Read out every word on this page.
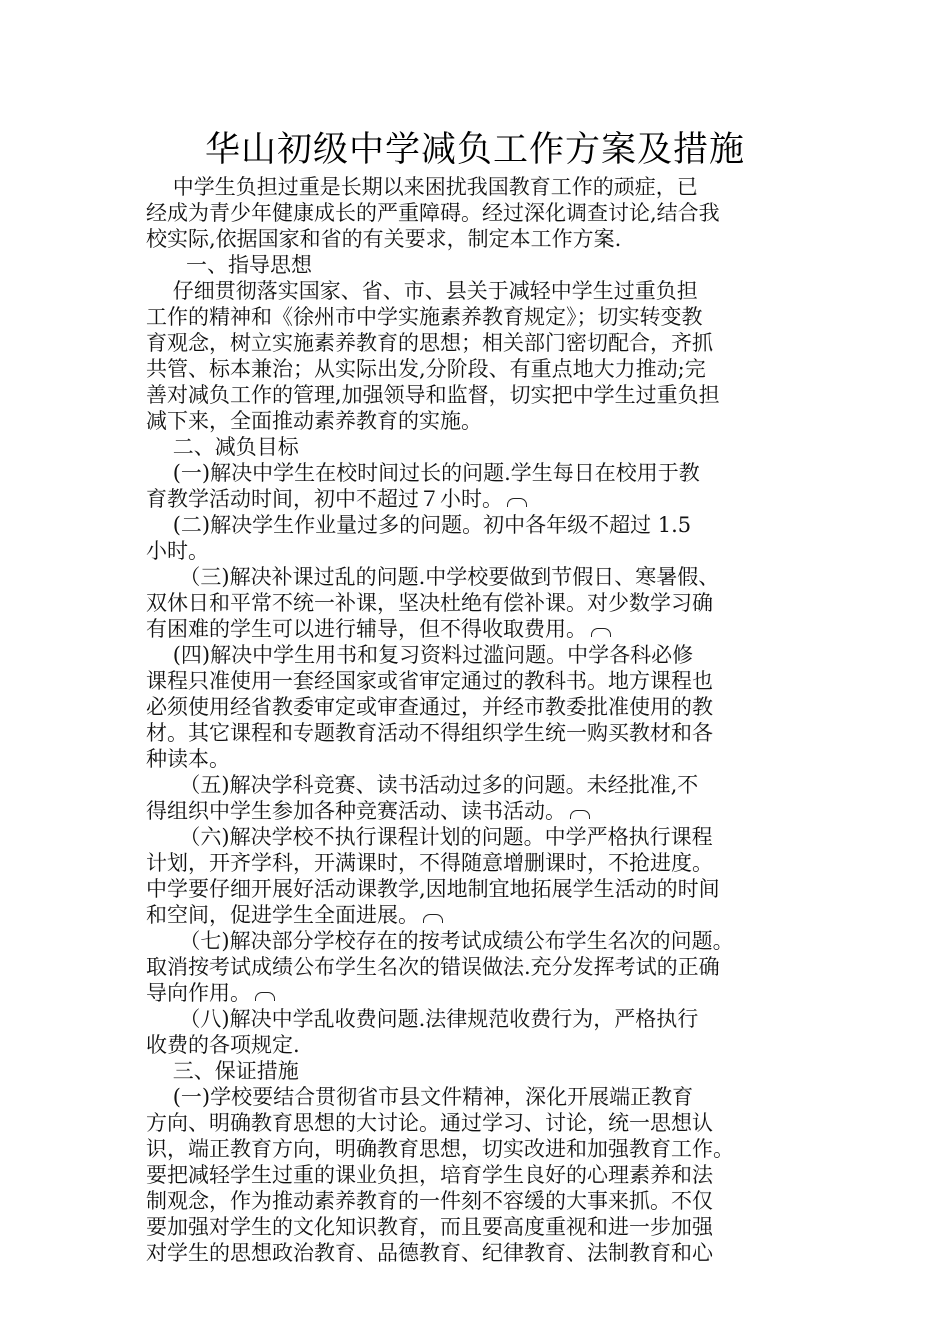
华山初级中学减负工作方案及措施
中学生负担过重是长期以来困扰我国教育工作的顽症，已
经成为青少年健康成长的严重障碍。经过深化调查讨论,结合我
校实际,依据国家和省的有关要求，制定本工作方案.
一、指导思想
仔细贯彻落实国家、省、市、县关于减轻中学生过重负担
工作的精神和《徐州市中学实施素养教育规定》；切实转变教
育观念，树立实施素养教育的思想；相关部门密切配合，齐抓
共管、标本兼治；从实际出发,分阶段、有重点地大力推动;完
善对减负工作的管理,加强领导和监督，切实把中学生过重负担
减下来，全面推动素养教育的实施。
二、减负目标
(一)解决中学生在校时间过长的问题.学生每日在校用于教
育教学活动时间，初中不超过７小时。
(二)解决学生作业量过多的问题。初中各年级不超过 1.5
小时。
（三)解决补课过乱的问题.中学校要做到节假日、寒暑假、
双休日和平常不统一补课，坚决杜绝有偿补课。对少数学习确
有困难的学生可以进行辅导，但不得收取费用。
(四)解决中学生用书和复习资料过滥问题。中学各科必修
课程只准使用一套经国家或省审定通过的教科书。地方课程也
必须使用经省教委审定或审查通过，并经市教委批准使用的教
材。其它课程和专题教育活动不得组织学生统一购买教材和各
种读本。
（五)解决学科竞赛、读书活动过多的问题。未经批准,不
得组织中学生参加各种竞赛活动、读书活动。
（六)解决学校不执行课程计划的问题。中学严格执行课程
计划，开齐学科，开满课时，不得随意增删课时，不抢进度。
中学要仔细开展好活动课教学,因地制宜地拓展学生活动的时间
和空间，促进学生全面进展。
（七)解决部分学校存在的按考试成绩公布学生名次的问题。
取消按考试成绩公布学生名次的错误做法.充分发挥考试的正确
导向作用。
（八)解决中学乱收费问题.法律规范收费行为，严格执行
收费的各项规定.
三、保证措施
(一)学校要结合贯彻省市县文件精神，深化开展端正教育
方向、明确教育思想的大讨论。通过学习、讨论，统一思想认
识，端正教育方向，明确教育思想，切实改进和加强教育工作。
要把减轻学生过重的课业负担，培育学生良好的心理素养和法
制观念，作为推动素养教育的一件刻不容缓的大事来抓。不仅
要加强对学生的文化知识教育，而且要高度重视和进一步加强
对学生的思想政治教育、品德教育、纪律教育、法制教育和心
